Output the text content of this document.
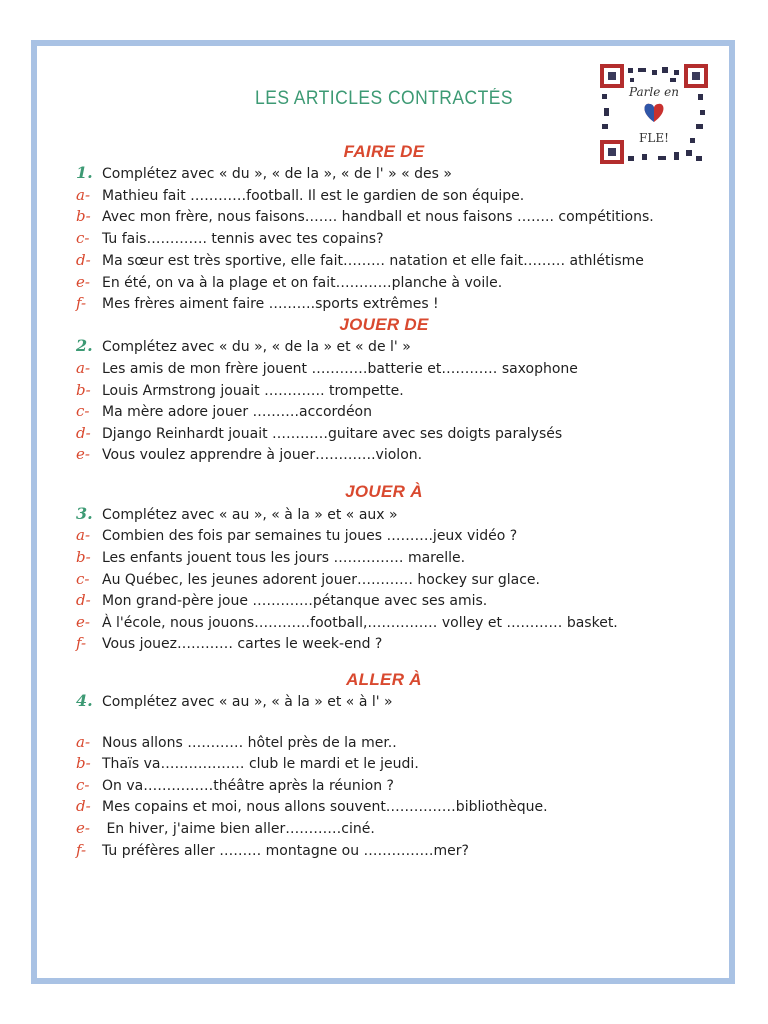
LES ARTICLES CONTRACTÉS	Parle en
FLE!
FAIRE DE
1. Complétez avec « du », « de la », « de l' » « des »
a- Mathieu fait …………football. Il est le gardien de son équipe.
b- Avec mon frère, nous faisons……. handball et nous faisons …….. compétitions.
c- Tu fais…………. tennis avec tes copains?
d- Ma sœur est très sportive, elle fait……… natation et elle fait……… athlétisme
e- En été, on va à la plage et on fait…………planche à voile.
f- Mes frères aiment faire ……….sports extrêmes !
JOUER DE
2. Complétez avec « du », « de la » et « de l' »
a- Les amis de mon frère jouent …………batterie et………… saxophone
b- Louis Armstrong jouait …………. trompette.
c- Ma mère adore jouer ……….accordéon
d- Django Reinhardt jouait …………guitare avec ses doigts paralysés
e- Vous voulez apprendre à jouer………….violon.
JOUER À
3. Complétez avec « au », « à la » et « aux »
a- Combien des fois par semaines tu joues ……….jeux vidéo ?
b- Les enfants jouent tous les jours …………… marelle.
c- Au Québec, les jeunes adorent jouer………… hockey sur glace.
d- Mon grand-père joue ………….pétanque avec ses amis.
e- À l'école, nous jouons…………football,…………… volley et ………… basket.
f- Vous jouez………… cartes le week-end ?
ALLER À
4. Complétez avec « au », « à la » et « à l' »
a- Nous allons ………… hôtel près de la mer..
b- Thaïs va……………… club le mardi et le jeudi.
c- On va……………théâtre après la réunion ?
d- Mes copains et moi, nous allons souvent……………bibliothèque.
e- En hiver, j'aime bien aller…………ciné.
f- Tu préfères aller ……… montagne ou ……………mer?
